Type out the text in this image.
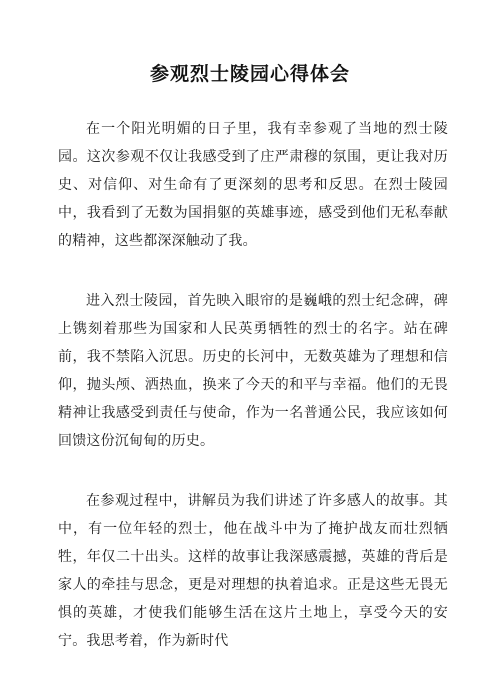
参观烈士陵园心得体会

在一个阳光明媚的日子里，我有幸参观了当地的烈士陵园。这次参观不仅让我感受到了庄严肃穆的氛围，更让我对历史、对信仰、对生命有了更深刻的思考和反思。在烈士陵园中，我看到了无数为国捐躯的英雄事迹，感受到他们无私奉献的精神，这些都深深触动了我。

进入烈士陵园，首先映入眼帘的是巍峨的烈士纪念碑，碑上镌刻着那些为国家和人民英勇牺牲的烈士的名字。站在碑前，我不禁陷入沉思。历史的长河中，无数英雄为了理想和信仰，抛头颅、洒热血，换来了今天的和平与幸福。他们的无畏精神让我感受到责任与使命，作为一名普通公民，我应该如何回馈这份沉甸甸的历史。

在参观过程中，讲解员为我们讲述了许多感人的故事。其中，有一位年轻的烈士，他在战斗中为了掩护战友而壮烈牺牲，年仅二十出头。这样的故事让我深感震撼，英雄的背后是家人的牵挂与思念，更是对理想的执着追求。正是这些无畏无惧的英雄，才使我们能够生活在这片土地上，享受今天的安宁。我思考着，作为新时代
